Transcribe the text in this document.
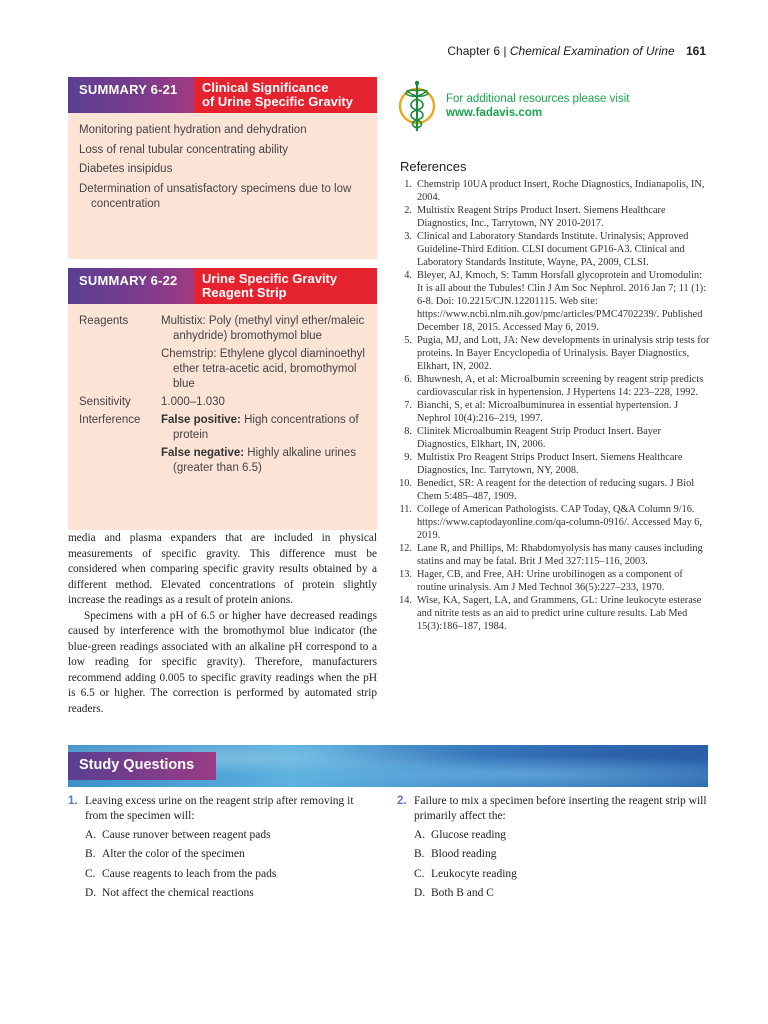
Chapter 6 | Chemical Examination of Urine 161
SUMMARY 6-21	Clinical Significance
of Urine Specific Gravity
Monitoring patient hydration and dehydration
Loss of renal tubular concentrating ability
Diabetes insipidus
Determination of unsatisfactory specimens due to low concentration
SUMMARY 6-22	Urine Specific Gravity
Reagent Strip
Reagents	Multistix: Poly (methyl vinyl ether/maleic anhydride) bromothymol blue
Chemstrip: Ethylene glycol diaminoethyl ether tetra-acetic acid, bromothymol blue
Sensitivity	1.000–1.030
Interference	False positive: High concentrations of protein
False negative: Highly alkaline urines (greater than 6.5)

media and plasma expanders that are included in physical measurements of specific gravity. This difference must be considered when comparing specific gravity results obtained by a different method. Elevated concentrations of protein slightly increase the readings as a result of protein anions.

Specimens with a pH of 6.5 or higher have decreased readings caused by interference with the bromothymol blue indicator (the blue-green readings associated with an alkaline pH correspond to a low reading for specific gravity). Therefore, manufacturers recommend adding 0.005 to specific gravity readings when the pH is 6.5 or higher. The correction is performed by automated strip readers.

For additional resources please visit
www.fadavis.com
References
1. Chemstrip 10UA product Insert, Roche Diagnostics, Indianapolis, IN, 2004.
2. Multistix Reagent Strips Product Insert. Siemens Healthcare Diagnostics, Inc., Tarrytown, NY 2010-2017.
3. Clinical and Laboratory Standards Institute. Urinalysis; Approved Guideline-Third Edition. CLSI document GP16-A3. Clinical and Laboratory Standards Institute, Wayne, PA, 2009, CLSI.
4. Bleyer, AJ, Kmoch, S: Tamm Horsfall glycoprotein and Uromodulin: It is all about the Tubules! Clin J Am Soc Nephrol. 2016 Jan 7; 11 (1): 6-8. Doi: 10.2215/CJN.12201115. Web site: https://www.ncbi.nlm.nih.gov/pmc/articles/PMC4702239/. Published December 18, 2015. Accessed May 6, 2019.
5. Pugia, MJ, and Lott, JA: New developments in urinalysis strip tests for proteins. In Bayer Encyclopedia of Urinalysis. Bayer Diagnostics, Elkhart, IN, 2002.
6. Bhuwnesh, A, et al: Microalbumin screening by reagent strip predicts cardiovascular risk in hypertension. J Hypertens 14: 223–228, 1992.
7. Bianchi, S, et al: Microalbuminurea in essential hypertension. J Nephrol 10(4):216–219, 1997.
8. Clinitek Microalbumin Reagent Strip Product Insert. Bayer Diagnostics, Elkhart, IN, 2006.
9. Multistix Pro Reagent Strips Product Insert. Siemens Healthcare Diagnostics, Inc. Tarrytown, NY, 2008.
10. Benedict, SR: A reagent for the detection of reducing sugars. J Biol Chem 5:485–487, 1909.
11. College of American Pathologists. CAP Today, Q&A Column 9/16. https://www.captodayonline.com/qa-column-0916/. Accessed May 6, 2019.
12. Lane R, and Phillips, M: Rhabdomyolysis has many causes including statins and may be fatal. Brit J Med 327:115–116, 2003.
13. Hager, CB, and Free, AH: Urine urobilinogen as a component of routine urinalysis. Am J Med Technol 36(5):227–233, 1970.
14. Wise, KA, Sagert, LA, and Grammens, GL: Urine leukocyte esterase and nitrite tests as an aid to predict urine culture results. Lab Med 15(3):186–187, 1984.
Study Questions
1. Leaving excess urine on the reagent strip after removing it from the specimen will:
A. Cause runover between reagent pads
B. Alter the color of the specimen
C. Cause reagents to leach from the pads
D. Not affect the chemical reactions
2. Failure to mix a specimen before inserting the reagent strip will primarily affect the:
A. Glucose reading
B. Blood reading
C. Leukocyte reading
D. Both B and C
